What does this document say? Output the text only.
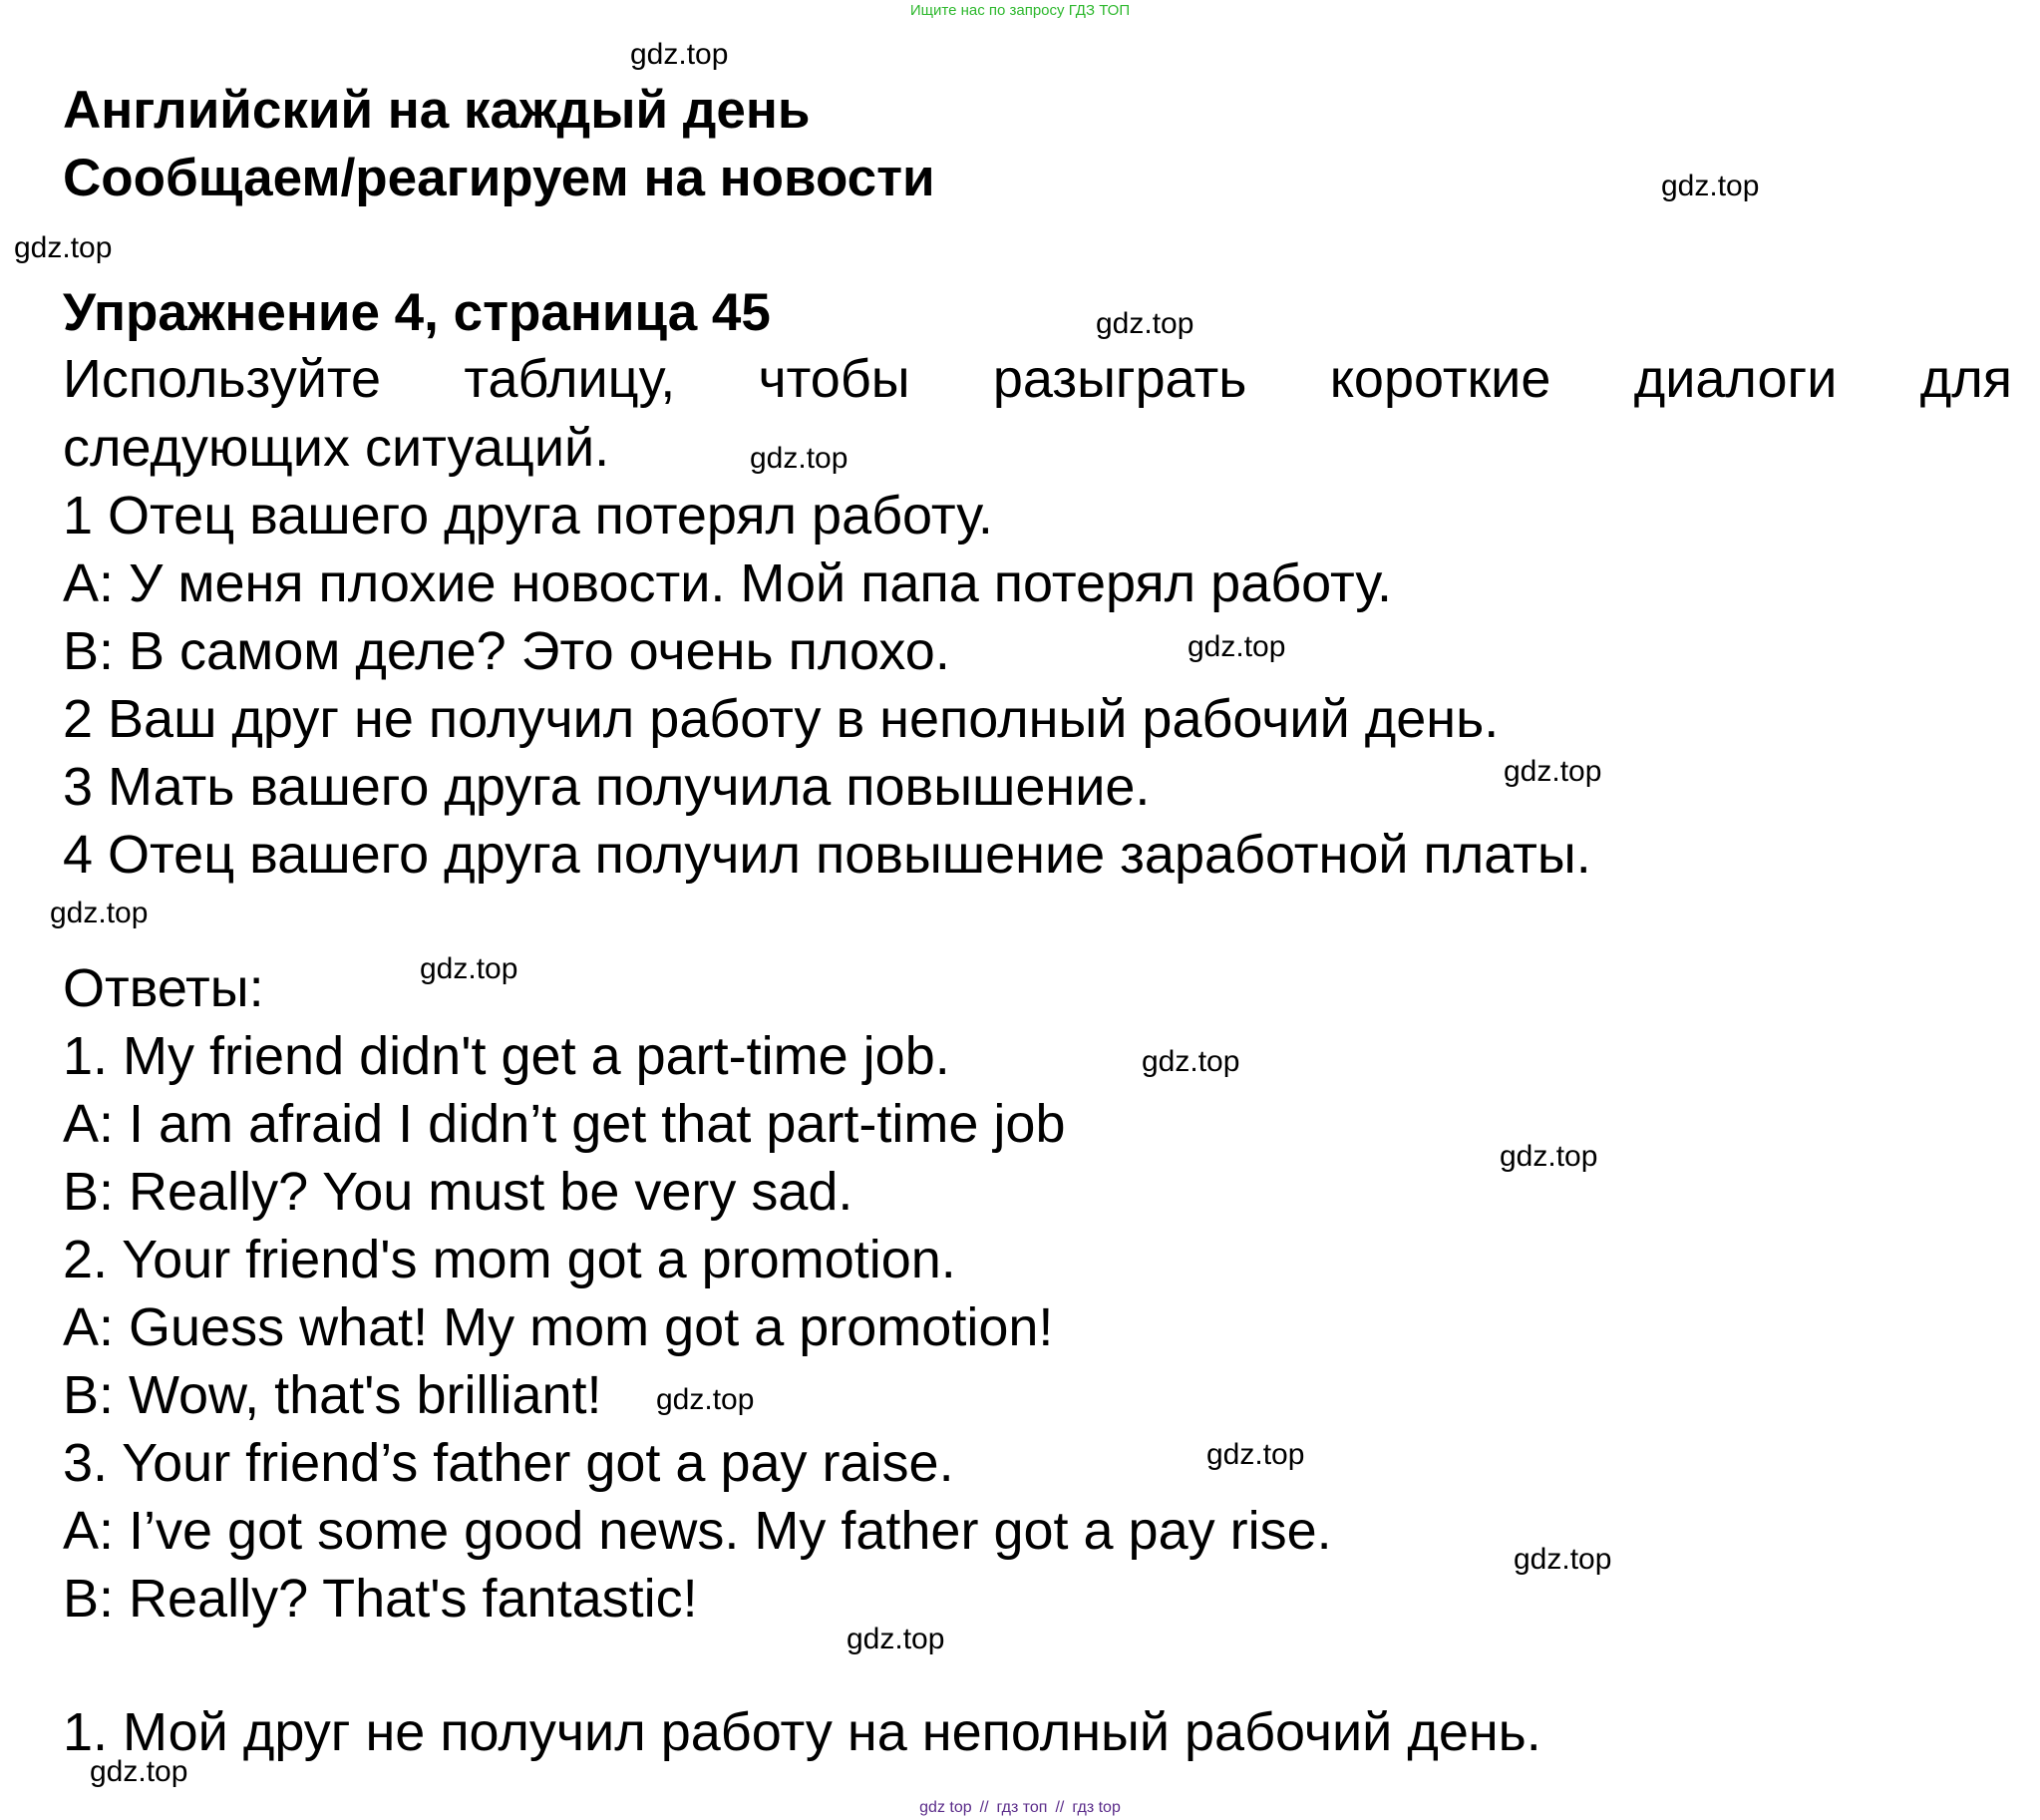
Ищите нас по запросу ГДЗ ТОП
Английский на каждый день
Сообщаем/реагируем на новости
Упражнение 4, страница 45
Используйте таблицу, чтобы разыграть короткие диалоги для
следующих ситуаций.
1 Отец вашего друга потерял работу.
A: У меня плохие новости. Мой папа потерял работу.
B: В самом деле? Это очень плохо.
2 Ваш друг не получил работу в неполный рабочий день.
3 Мать вашего друга получила повышение.
4 Отец вашего друга получил повышение заработной платы.
Ответы:
1. My friend didn't get a part-time job.
A: I am afraid I didn’t get that part-time job
B: Really? You must be very sad.
2. Your friend's mom got a promotion.
A: Guess what! My mom got a promotion!
B: Wow, that's brilliant!
3. Your friend’s father got a pay raise.
A: I’ve got some good news. My father got a pay rise.
B: Really? That's fantastic!
1. Мой друг не получил работу на неполный рабочий день.
gdz.top
gdz.top
gdz.top
gdz.top
gdz.top
gdz.top
gdz.top
gdz.top
gdz.top
gdz.top
gdz.top
gdz.top
gdz.top
gdz.top
gdz.top
gdz.top
gdz top // гдз топ // гдз top
